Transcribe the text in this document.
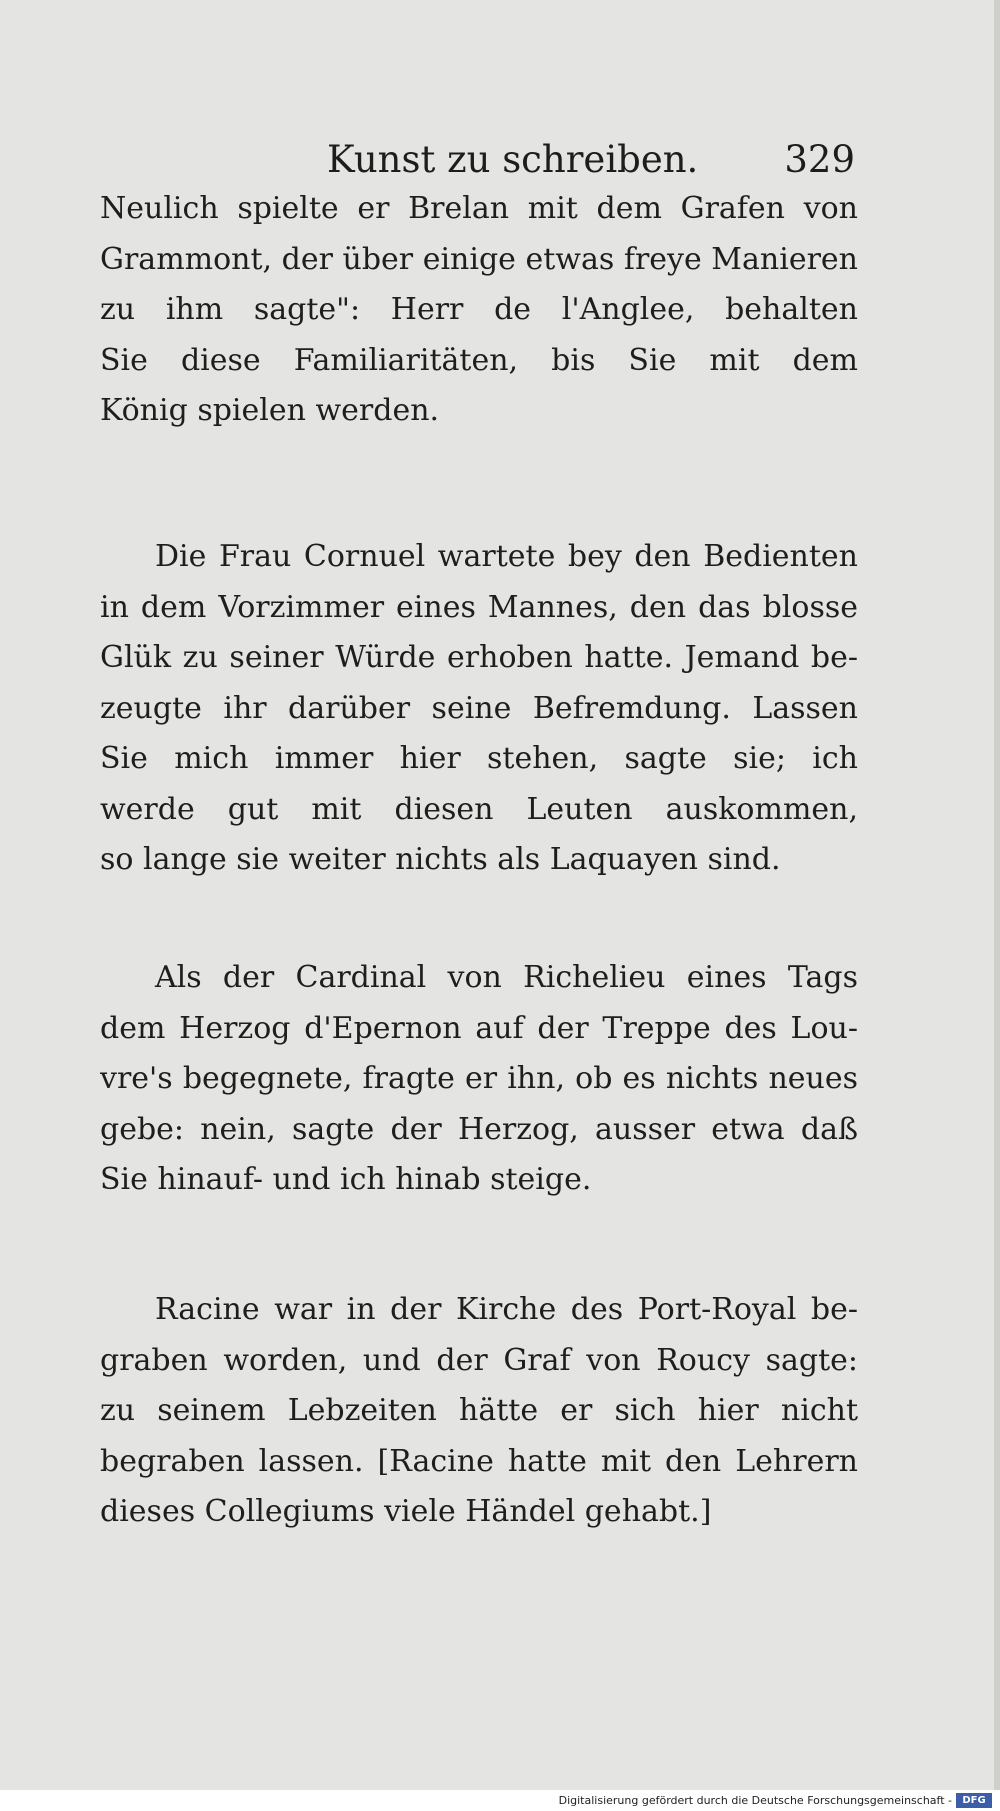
Kunst zu schreiben. 329
Neulich spielte er Brelan mit dem Grafen von
Grammont, der über einige etwas freye Manieren
zu ihm sagte": Herr de l'Anglee, behalten
Sie diese Familiaritäten, bis Sie mit dem
König spielen werden.
Die Frau Cornuel wartete bey den Bedienten
in dem Vorzimmer eines Mannes, den das blosse
Glük zu seiner Würde erhoben hatte. Jemand be-
zeugte ihr darüber seine Befremdung. Lassen
Sie mich immer hier stehen, sagte sie; ich
werde gut mit diesen Leuten auskommen,
so lange sie weiter nichts als Laquayen sind.
Als der Cardinal von Richelieu eines Tags
dem Herzog d'Epernon auf der Treppe des Lou-
vre's begegnete, fragte er ihn, ob es nichts neues
gebe: nein, sagte der Herzog, ausser etwa daß
Sie hinauf- und ich hinab steige.
Racine war in der Kirche des Port-Royal be-
graben worden, und der Graf von Roucy sagte:
zu seinem Lebzeiten hätte er sich hier nicht
begraben lassen. [Racine hatte mit den Lehrern
dieses Collegiums viele Händel gehabt.]
Digitalisierung gefördert durch die Deutsche Forschungsgemeinschaft -	DFG
